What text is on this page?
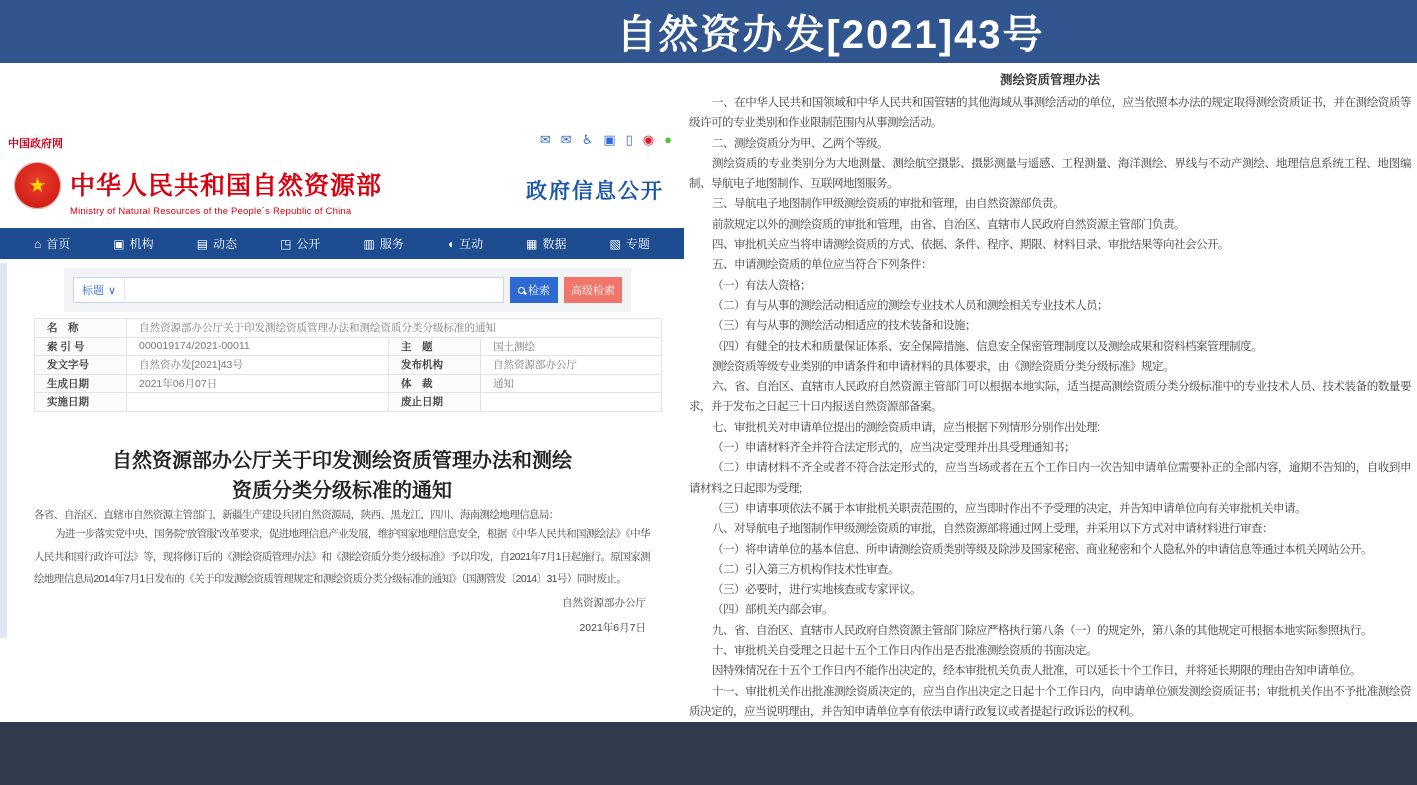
自然资办发[2021]43号
中国政府网	✉ ✉ ♿ ▣ ▯ ◉ ●
★ 中华人民共和国自然资源部
Ministry of Natural Resources of the People´s Republic of China
政府信息公开
⌂ 首页	▣ 机构	▤ 动态	◳ 公开	▥ 服务	◖ 互动	▦ 数据	▧ 专题
标题 ∨	检索	高级检索
名　称	自然资源部办公厅关于印发测绘资质管理办法和测绘资质分类分级标准的通知		
索 引 号	000019174/2021-00011	主　题	国土测绘
发文字号	自然资办发[2021]43号	发布机构	自然资源部办公厅
生成日期	2021年06月07日	体　裁	通知
实施日期		废止日期	
自然资源部办公厅关于印发测绘资质管理办法和测绘
资质分类分级标准的通知
各省、自治区、直辖市自然资源主管部门，新疆生产建设兵团自然资源局，陕西、黑龙江、四川、海南测绘地理信息局：
为进一步落实党中央、国务院“放管服”改革要求，促进地理信息产业发展，维护国家地理信息安全，根据《中华人民共和国测绘法》《中华人民共和国行政许可法》等，现将修订后的《测绘资质管理办法》和《测绘资质分类分级标准》予以印发，自2021年7月1日起施行。原国家测绘地理信息局2014年7月1日发布的《关于印发测绘资质管理规定和测绘资质分类分级标准的通知》（国测管发〔2014〕31号）同时废止。
自然资源部办公厅
2021年6月7日
测绘资质管理办法

一、在中华人民共和国领域和中华人民共和国管辖的其他海域从事测绘活动的单位，应当依照本办法的规定取得测绘资质证书，并在测绘资质等级许可的专业类别和作业限制范围内从事测绘活动。

二、测绘资质分为甲、乙两个等级。

测绘资质的专业类别分为大地测量、测绘航空摄影、摄影测量与遥感、工程测量、海洋测绘、界线与不动产测绘、地理信息系统工程、地图编制、导航电子地图制作、互联网地图服务。

三、导航电子地图制作甲级测绘资质的审批和管理，由自然资源部负责。

前款规定以外的测绘资质的审批和管理，由省、自治区、直辖市人民政府自然资源主管部门负责。

四、审批机关应当将申请测绘资质的方式、依据、条件、程序、期限、材料目录、审批结果等向社会公开。

五、申请测绘资质的单位应当符合下列条件：

（一）有法人资格；

（二）有与从事的测绘活动相适应的测绘专业技术人员和测绘相关专业技术人员；

（三）有与从事的测绘活动相适应的技术装备和设施；

（四）有健全的技术和质量保证体系、安全保障措施、信息安全保密管理制度以及测绘成果和资料档案管理制度。

测绘资质等级专业类别的申请条件和申请材料的具体要求，由《测绘资质分类分级标准》规定。

六、省、自治区、直辖市人民政府自然资源主管部门可以根据本地实际，适当提高测绘资质分类分级标准中的专业技术人员、技术装备的数量要求，并于发布之日起三十日内报送自然资源部备案。

七、审批机关对申请单位提出的测绘资质申请，应当根据下列情形分别作出处理:

（一）申请材料齐全并符合法定形式的，应当决定受理并出具受理通知书；

（二）申请材料不齐全或者不符合法定形式的，应当当场或者在五个工作日内一次告知申请单位需要补正的全部内容，逾期不告知的，自收到申请材料之日起即为受理;

（三）申请事项依法不属于本审批机关职责范围的，应当即时作出不予受理的决定，并告知申请单位向有关审批机关申请。

八、对导航电子地图制作甲级测绘资质的审批，自然资源部将通过网上受理，并采用以下方式对申请材料进行审查：

（一）将申请单位的基本信息、所申请测绘资质类别等级及除涉及国家秘密、商业秘密和个人隐私外的申请信息等通过本机关网站公开。

（二）引入第三方机构作技术性审查。

（三）必要时，进行实地核查或专家评议。

（四）部机关内部会审。

九、省、自治区、直辖市人民政府自然资源主管部门除应严格执行第八条（一）的规定外，第八条的其他规定可根据本地实际参照执行。

十、审批机关自受理之日起十五个工作日内作出是否批准测绘资质的书面决定。

因特殊情况在十五个工作日内不能作出决定的，经本审批机关负责人批准，可以延长十个工作日，并将延长期限的理由告知申请单位。

十一、审批机关作出批准测绘资质决定的，应当自作出决定之日起十个工作日内，向申请单位颁发测绘资质证书；审批机关作出不予批准测绘资质决定的，应当说明理由，并告知申请单位享有依法申请行政复议或者提起行政诉讼的权利。
